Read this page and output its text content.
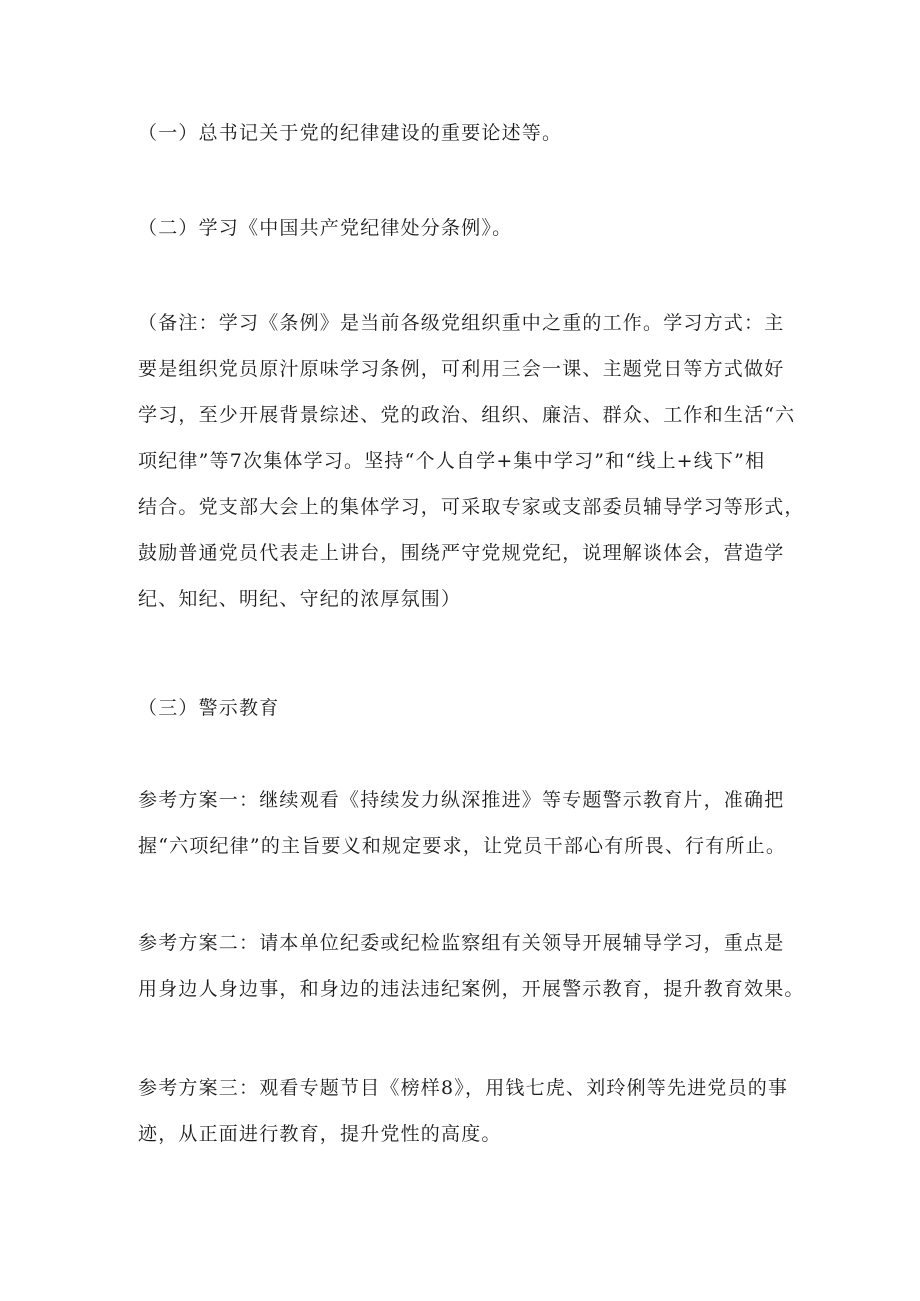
（一）总书记关于党的纪律建设的重要论述等。

（二）学习《中国共产党纪律处分条例》。

（备注：学习《条例》是当前各级党组织重中之重的工作。学习方式：主
要是组织党员原汁原味学习条例，可利用三会一课、主题党日等方式做好
学习，至少开展背景综述、党的政治、组织、廉洁、群众、工作和生活“六
项纪律”等7次集体学习。坚持“个人自学+集中学习”和“线上+线下”相
结合。党支部大会上的集体学习，可采取专家或支部委员辅导学习等形式，
鼓励普通党员代表走上讲台，围绕严守党规党纪，说理解谈体会，营造学
纪、知纪、明纪、守纪的浓厚氛围）

（三）警示教育

参考方案一：继续观看《持续发力纵深推进》等专题警示教育片，准确把
握“六项纪律”的主旨要义和规定要求，让党员干部心有所畏、行有所止。

参考方案二：请本单位纪委或纪检监察组有关领导开展辅导学习，重点是
用身边人身边事，和身边的违法违纪案例，开展警示教育，提升教育效果。

参考方案三：观看专题节目《榜样8》，用钱七虎、刘玲俐等先进党员的事
迹，从正面进行教育，提升党性的高度。
